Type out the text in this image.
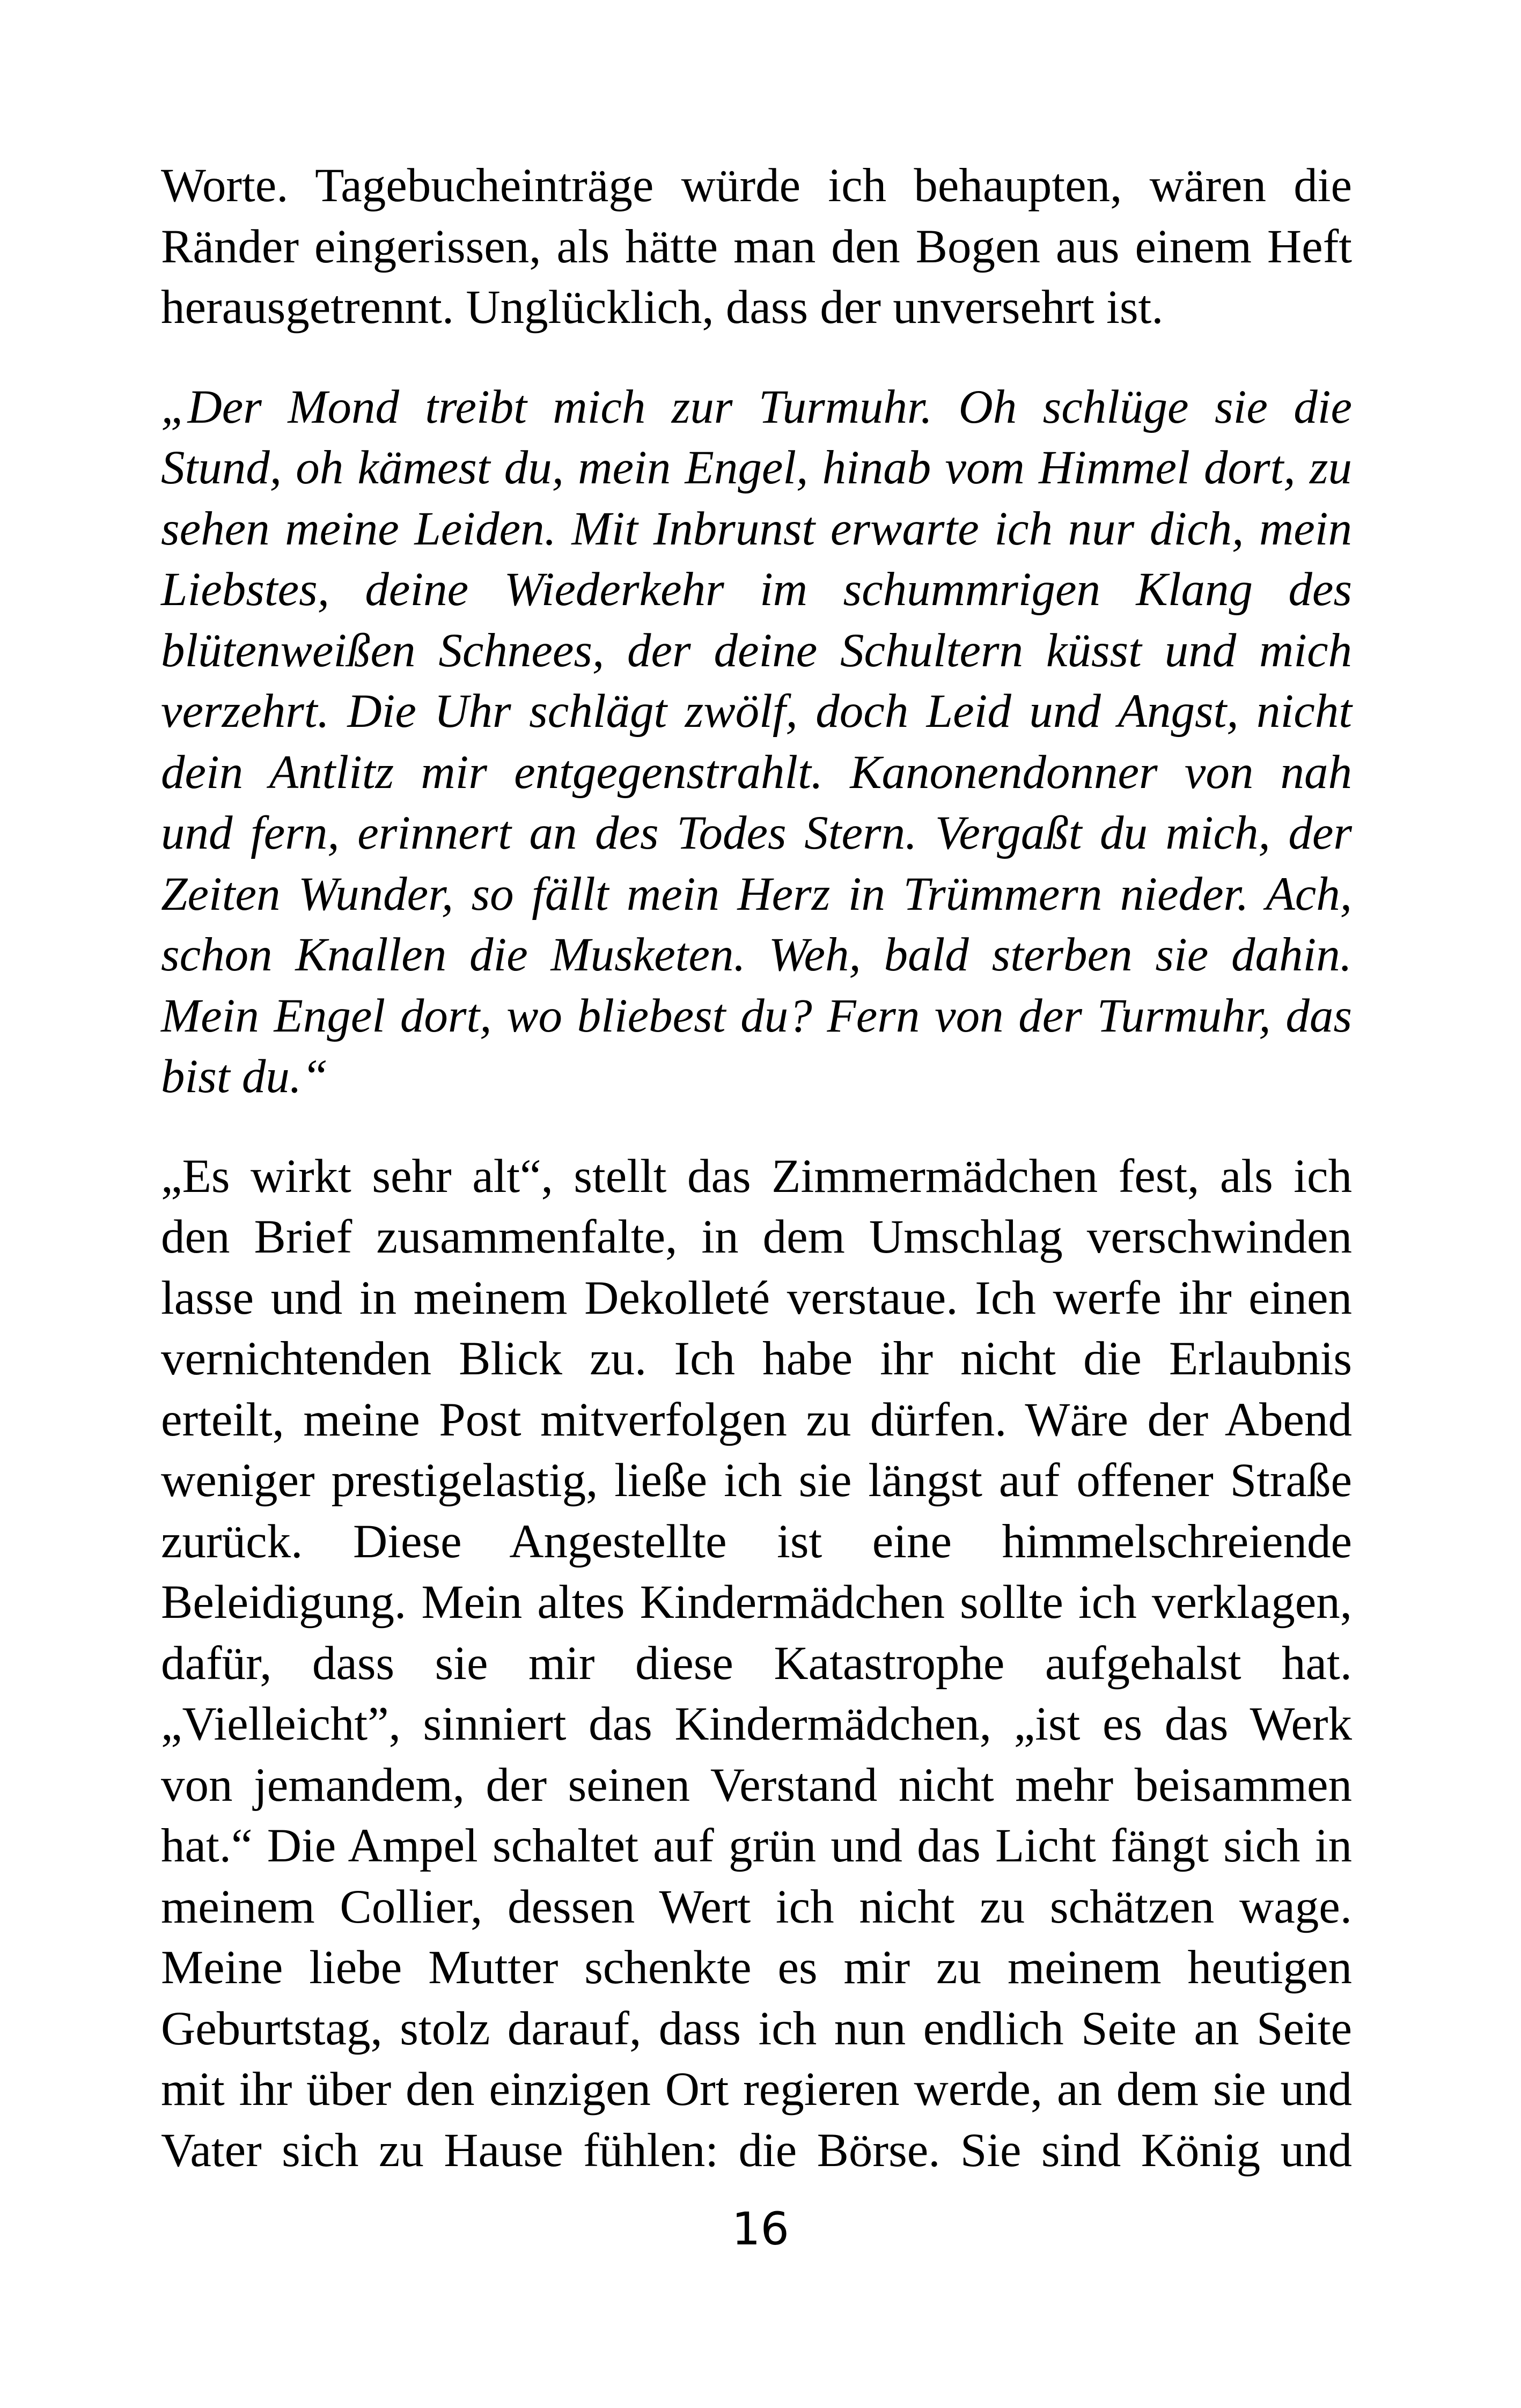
Worte. Tagebucheinträge würde ich behaupten, wären die
Ränder eingerissen, als hätte man den Bogen aus einem Heft
herausgetrennt. Unglücklich, dass der unversehrt ist.

„Der Mond treibt mich zur Turmuhr. Oh schlüge sie die
Stund, oh kämest du, mein Engel, hinab vom Himmel dort, zu
sehen meine Leiden. Mit Inbrunst erwarte ich nur dich, mein
Liebstes, deine Wiederkehr im schummrigen Klang des
blütenweißen Schnees, der deine Schultern küsst und mich
verzehrt. Die Uhr schlägt zwölf, doch Leid und Angst, nicht
dein Antlitz mir entgegenstrahlt. Kanonendonner von nah
und fern, erinnert an des Todes Stern. Vergaßt du mich, der
Zeiten Wunder, so fällt mein Herz in Trümmern nieder. Ach,
schon Knallen die Musketen. Weh, bald sterben sie dahin.
Mein Engel dort, wo bliebest du? Fern von der Turmuhr, das
bist du.“

„Es wirkt sehr alt“, stellt das Zimmermädchen fest, als ich
den Brief zusammenfalte, in dem Umschlag verschwinden
lasse und in meinem Dekolleté verstaue. Ich werfe ihr einen
vernichtenden Blick zu. Ich habe ihr nicht die Erlaubnis
erteilt, meine Post mitverfolgen zu dürfen. Wäre der Abend
weniger prestigelastig, ließe ich sie längst auf offener Straße
zurück. Diese Angestellte ist eine himmelschreiende
Beleidigung. Mein altes Kindermädchen sollte ich verklagen,
dafür, dass sie mir diese Katastrophe aufgehalst hat.
„Vielleicht”, sinniert das Kindermädchen, „ist es das Werk
von jemandem, der seinen Verstand nicht mehr beisammen
hat.“ Die Ampel schaltet auf grün und das Licht fängt sich in
meinem Collier, dessen Wert ich nicht zu schätzen wage.
Meine liebe Mutter schenkte es mir zu meinem heutigen
Geburtstag, stolz darauf, dass ich nun endlich Seite an Seite
mit ihr über den einzigen Ort regieren werde, an dem sie und
Vater sich zu Hause fühlen: die Börse. Sie sind König und

16
